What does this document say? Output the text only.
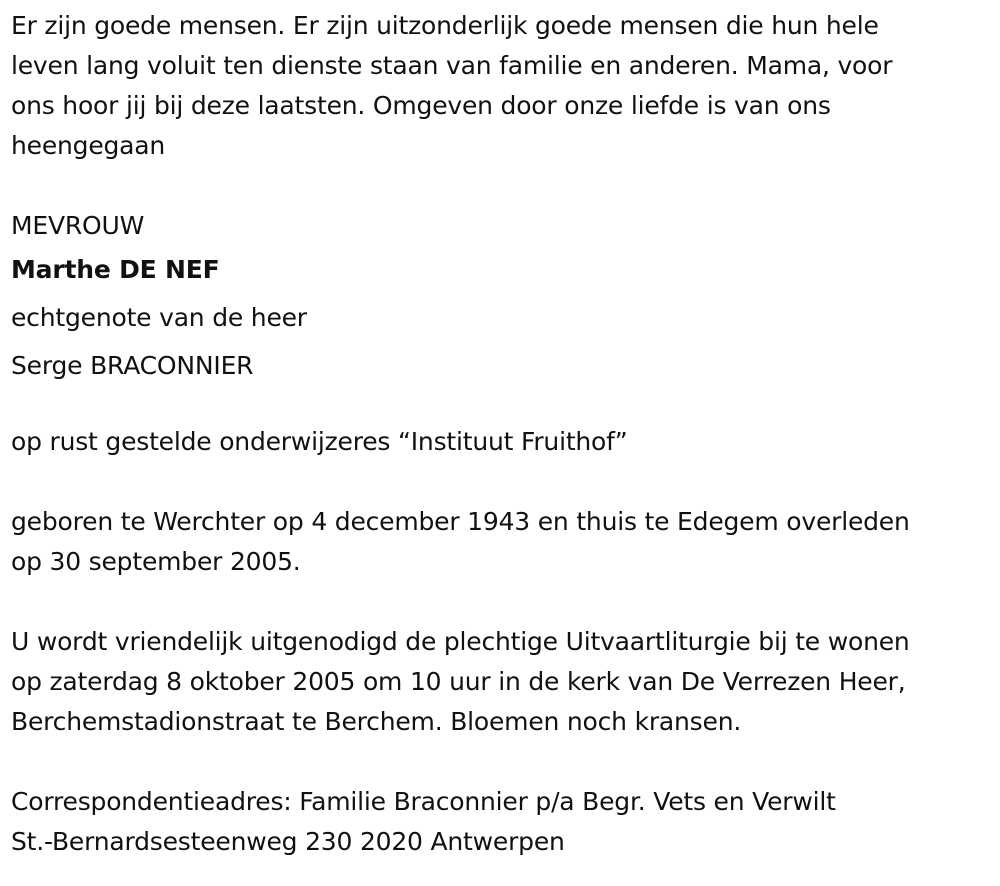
Er zijn goede mensen. Er zijn uitzonderlijk goede mensen die hun hele
leven lang voluit ten dienste staan van familie en anderen. Mama, voor
ons hoor jij bij deze laatsten. Omgeven door onze liefde is van ons
heengegaan
MEVROUW
Marthe DE NEF
echtgenote van de heer
Serge BRACONNIER
op rust gestelde onderwijzeres “Instituut Fruithof”
geboren te Werchter op 4 december 1943 en thuis te Edegem overleden
op 30 september 2005.
U wordt vriendelijk uitgenodigd de plechtige Uitvaartliturgie bij te wonen
op zaterdag 8 oktober 2005 om 10 uur in de kerk van De Verrezen Heer,
Berchemstadionstraat te Berchem. Bloemen noch kransen.
Correspondentieadres: Familie Braconnier p/a Begr. Vets en Verwilt
St.-Bernardsesteenweg 230 2020 Antwerpen
